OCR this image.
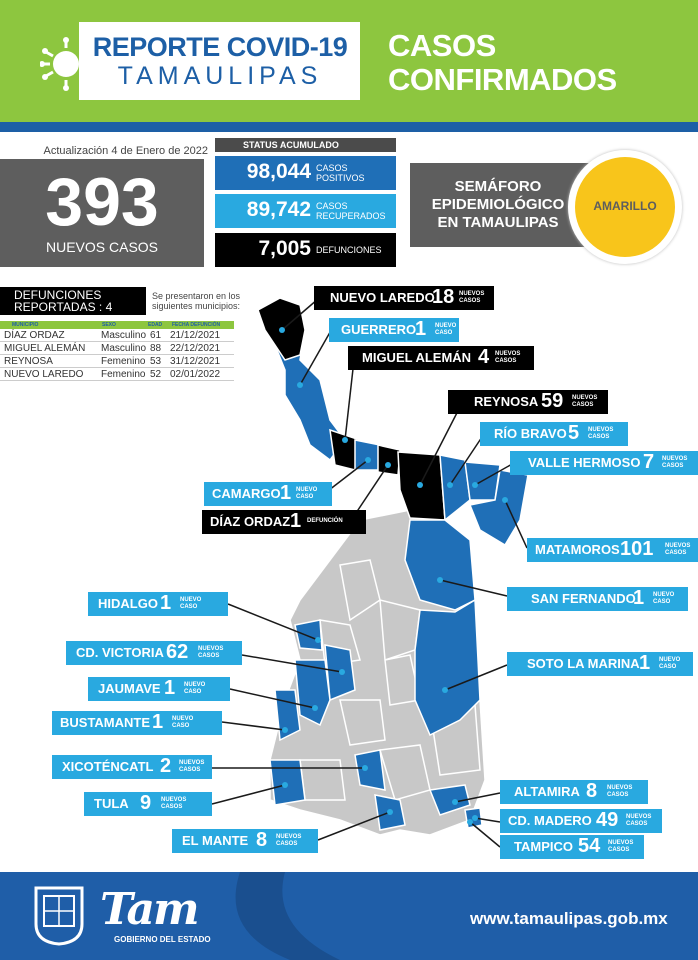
REPORTE COVID-19
TAMAULIPAS
CASOS
CONFIRMADOS
Actualización 4 de Enero de 2022
393
NUEVOS CASOS
STATUS ACUMULADO
98,044 CASOS
POSITIVOS
89,742 CASOS
RECUPERADOS
7,005 DEFUNCIONES
SEMÁFORO
EPIDEMIOLÓGICO
EN TAMAULIPAS
AMARILLO
DEFUNCIONES
REPORTADAS : 4
Se presentaron en los siguientes municipios:
MUNICIPIO	SEXO	EDAD FECHA DEFUNCIÓN
DÍAZ ORDAZ	Masculino 61 21/12/2021
MIGUEL ALEMÁN Masculino 88 22/12/2021
REYNOSA	Femenino 53 31/12/2021
NUEVO LAREDO Femenino 52 02/01/2022
NUEVO LAREDO
18 NUEVOS
CASOS
GUERRERO
1 NUEVO
CASO
MIGUEL ALEMÁN 4 NUEVOS
CASOS
REYNOSA 59 NUEVOS
CASOS
RÍO BRAVO 5 NUEVOS
CASOS
VALLE HERMOSO 7 NUEVOS
CASOS
CAMARGO 1 NUEVO
CASO
DÍAZ ORDAZ 1 DEFUNCIÓN
MATAMOROS 101 NUEVOS
CASOS
SAN FERNANDO
1 NUEVO
CASO
HIDALGO 1 NUEVO
CASO
CD. VICTORIA 62 NUEVOS
CASOS	SOTO LA MARINA 1 NUEVO
CASO
JAUMAVE 1 NUEVO
CASO
BUSTAMANTE 1 NUEVO
CASO
XICOTÉNCATL 2 NUEVOS
CASOS
TULA 9 NUEVOS
CASOS
ALTAMIRA 8 NUEVOS
CASOS
CD. MADERO 49 NUEVOS
CASOS
EL MANTE 8 NUEVOS
CASOS	TAMPICO 54 NUEVOS
CASOS
Tam
GOBIERNO DEL ESTADO
www.tamaulipas.gob.mx
